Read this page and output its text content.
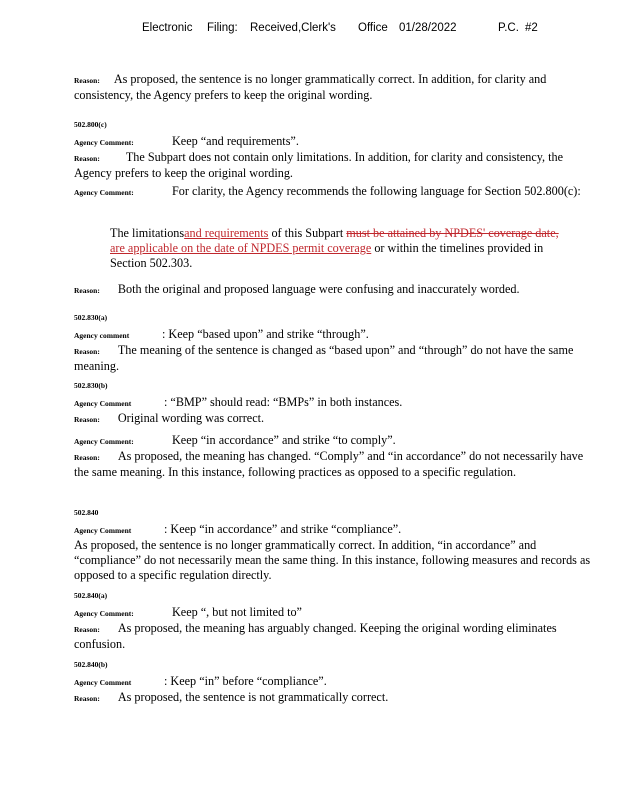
Electronic Filing: Received,Clerk's Office 01/28/2022	P.C. #2
Reason: As proposed, the sentence is no longer grammatically correct. In addition, for clarity and consistency, the Agency prefers to keep the original wording.
502.800(c)
Agency Comment:	Keep “and requirements”.
Reason: The Subpart does not contain only limitations. In addition, for clarity and consistency, the Agency prefers to keep the original wording.
Agency Comment:	For clarity, the Agency recommends the following language for Section 502.800(c):
The limitationsand requirements of this Subpart must be attained by NPDES' coverage date, are applicable on the date of NPDES permit coverage or within the timelines provided in Section 502.303.
Reason: Both the original and proposed language were confusing and inaccurately worded.
502.830(a)
Agency comment	: Keep “based upon” and strike “through”.
Reason: The meaning of the sentence is changed as “based upon” and “through” do not have the same meaning.
502.830(b)
Agency Comment	: “BMP” should read: “BMPs” in both instances.
Reason: Original wording was correct.
Agency Comment:	Keep “in accordance” and strike “to comply”.
Reason: As proposed, the meaning has changed. “Comply” and “in accordance” do not necessarily have the same meaning. In this instance, following practices as opposed to a specific regulation.
502.840
Agency Comment	: Keep “in accordance” and strike “compliance”.
As proposed, the sentence is no longer grammatically correct. In addition, “in accordance” and “compliance” do not necessarily mean the same thing. In this instance, following measures and records as opposed to a specific regulation directly.
502.840(a)
Agency Comment:	Keep “, but not limited to”
Reason: As proposed, the meaning has arguably changed. Keeping the original wording eliminates confusion.
502.840(b)
Agency Comment	: Keep “in” before “compliance”.
Reason: As proposed, the sentence is not grammatically correct.
